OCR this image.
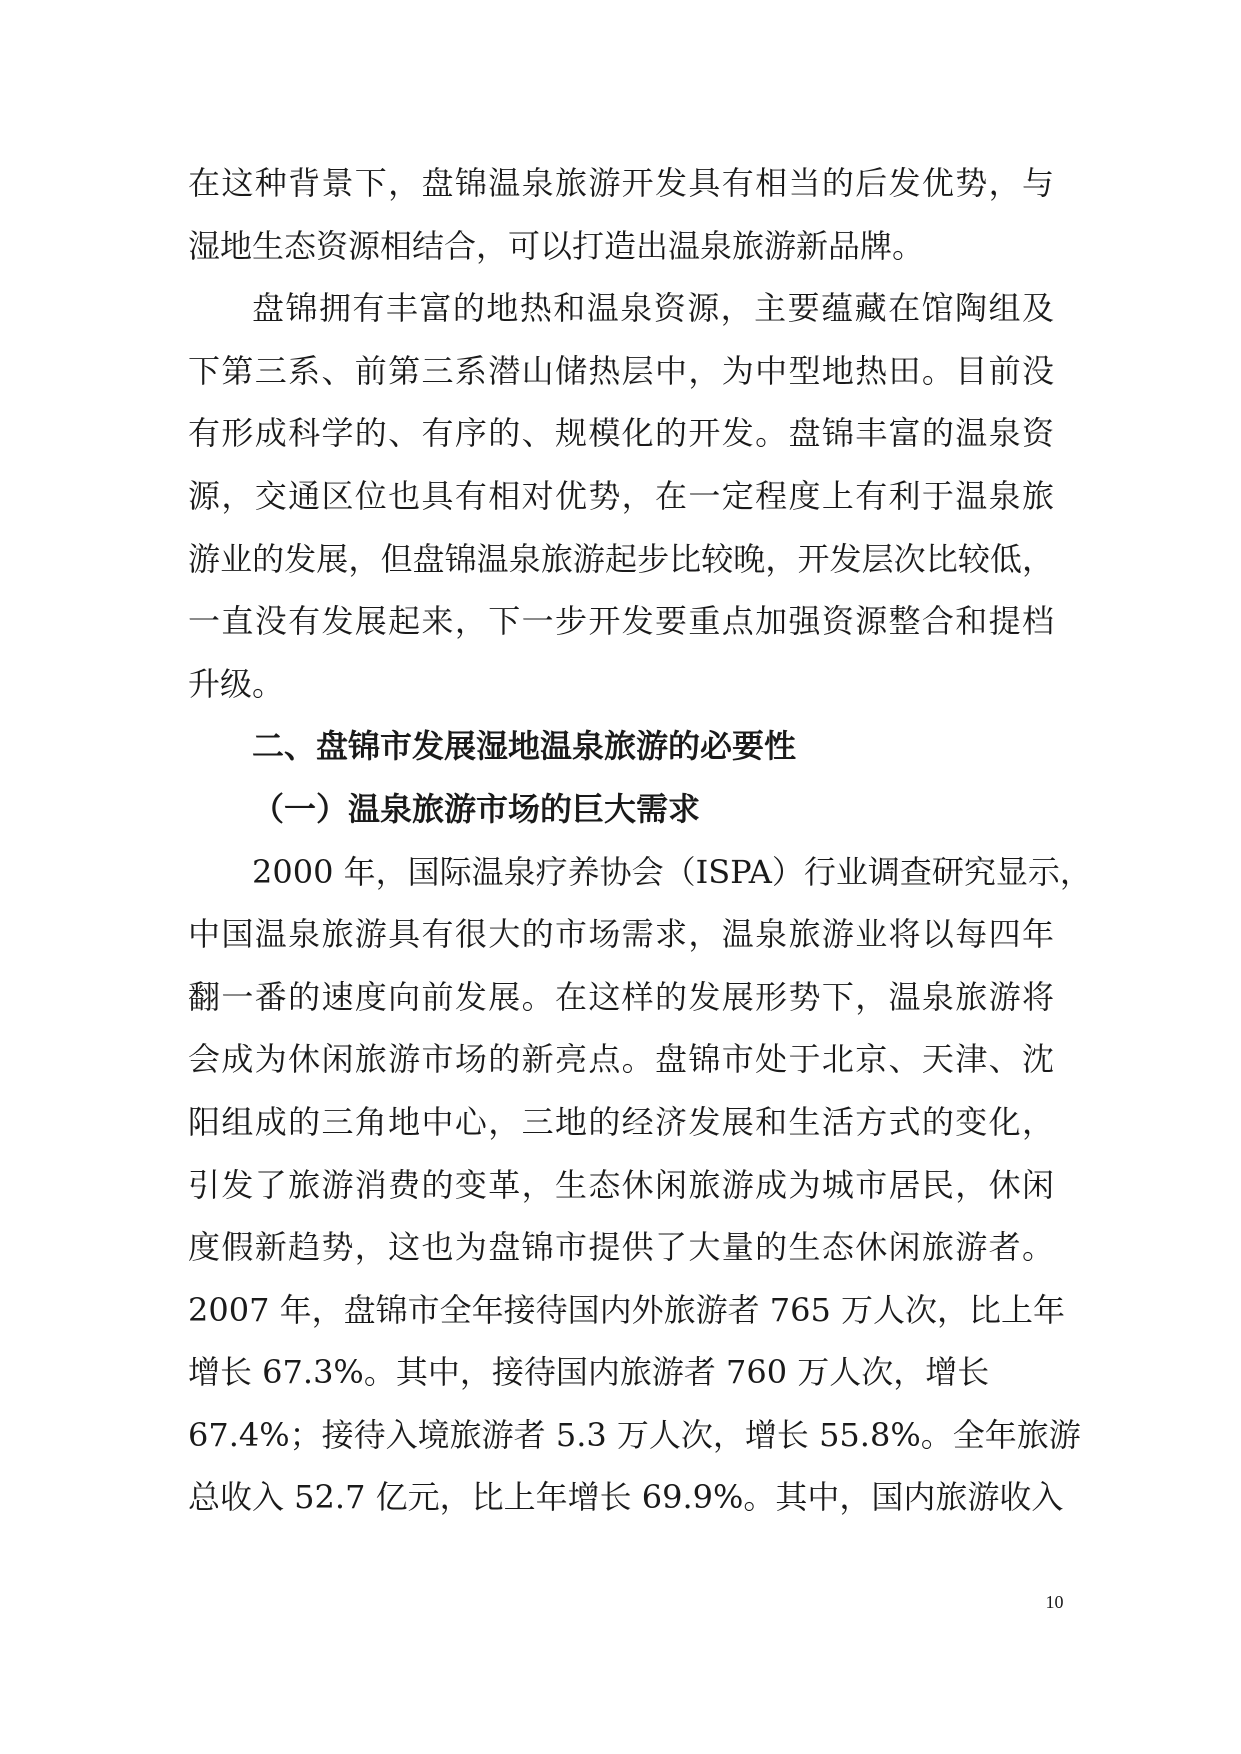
在这种背景下，盘锦温泉旅游开发具有相当的后发优势，与
湿地生态资源相结合，可以打造出温泉旅游新品牌。
盘锦拥有丰富的地热和温泉资源，主要蕴藏在馆陶组及
下第三系、前第三系潜山储热层中，为中型地热田。目前没
有形成科学的、有序的、规模化的开发。盘锦丰富的温泉资
源，交通区位也具有相对优势，在一定程度上有利于温泉旅
游业的发展，但盘锦温泉旅游起步比较晚，开发层次比较低，
一直没有发展起来，下一步开发要重点加强资源整合和提档
升级。
二、盘锦市发展湿地温泉旅游的必要性
（一）温泉旅游市场的巨大需求
2000 年，国际温泉疗养协会（ISPA）行业调查研究显示，
中国温泉旅游具有很大的市场需求，温泉旅游业将以每四年
翻一番的速度向前发展。在这样的发展形势下，温泉旅游将
会成为休闲旅游市场的新亮点。盘锦市处于北京、天津、沈
阳组成的三角地中心，三地的经济发展和生活方式的变化，
引发了旅游消费的变革，生态休闲旅游成为城市居民，休闲
度假新趋势，这也为盘锦市提供了大量的生态休闲旅游者。
2007 年，盘锦市全年接待国内外旅游者 765 万人次，比上年
增长 67.3%。其中，接待国内旅游者 760 万人次，增长
67.4%；接待入境旅游者 5.3 万人次，增长 55.8%。全年旅游
总收入 52.7 亿元，比上年增长 69.9%。其中，国内旅游收入
10
